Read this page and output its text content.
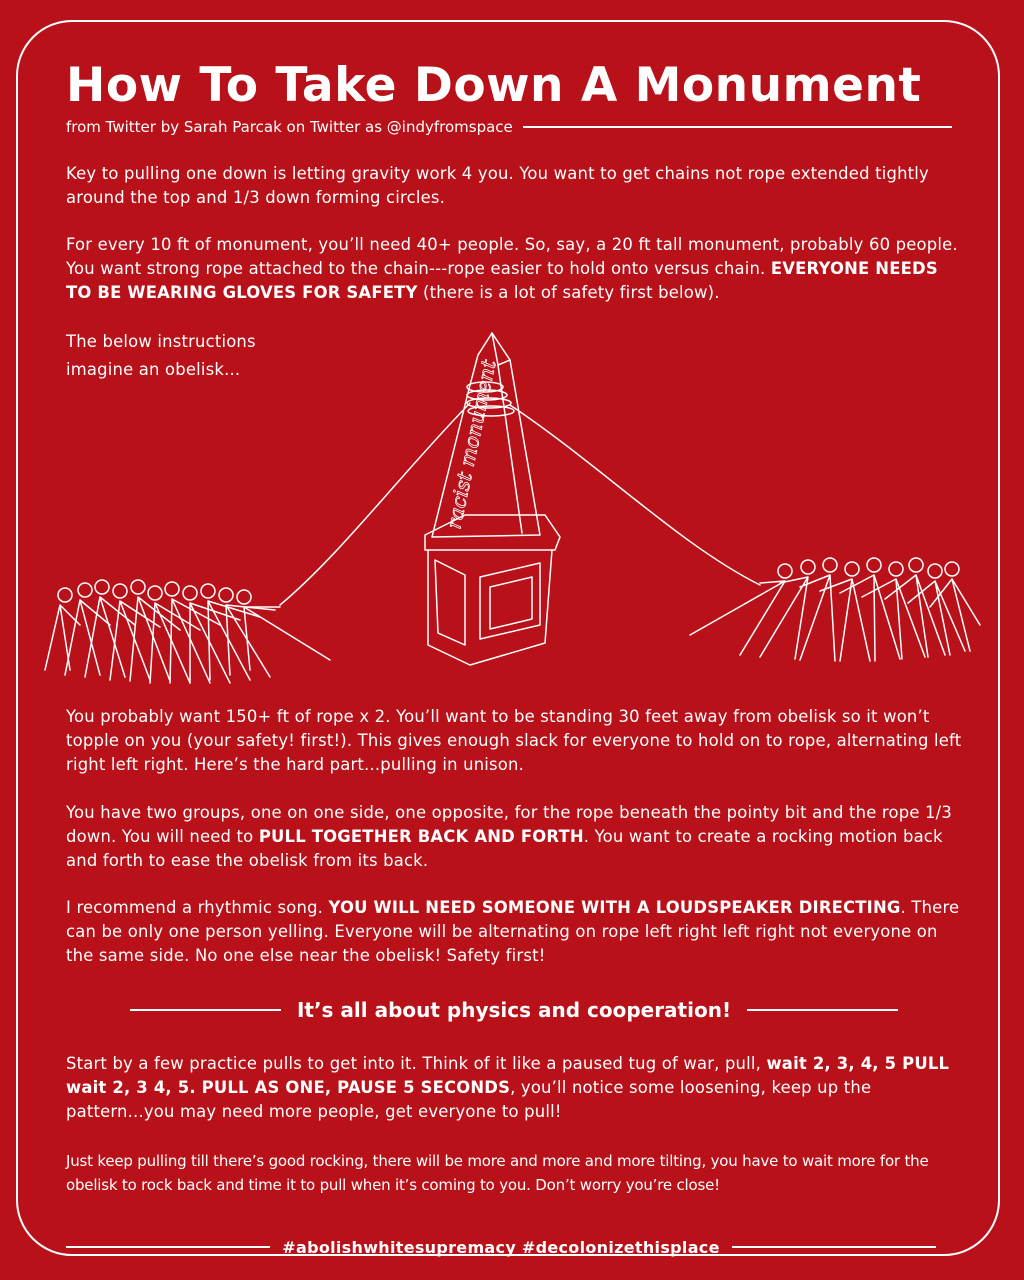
How To Take Down A Monument
from Twitter by Sarah Parcak on Twitter as @indyfromspace

Key to pulling one down is letting gravity work 4 you. You want to get chains not rope extended tightly around the top and 1/3 down forming circles.

For every 10 ft of monument, you’ll need 40+ people. So, say, a 20 ft tall monument, probably 60 people. You want strong rope attached to the chain---rope easier to hold onto versus chain. EVERYONE NEEDS TO BE WEARING GLOVES FOR SAFETY (there is a lot of safety first below).

The below instructions imagine an obelisk...	racist monument

You probably want 150+ ft of rope x 2. You’ll want to be standing 30 feet away from obelisk so it won’t topple on you (your safety! first!). This gives enough slack for everyone to hold on to rope, alternating left right left right. Here’s the hard part...pulling in unison.

You have two groups, one on one side, one opposite, for the rope beneath the pointy bit and the rope 1/3 down. You will need to PULL TOGETHER BACK AND FORTH. You want to create a rocking motion back and forth to ease the obelisk from its back.

I recommend a rhythmic song. YOU WILL NEED SOMEONE WITH A LOUDSPEAKER DIRECTING. There can be only one person yelling. Everyone will be alternating on rope left right left right not everyone on the same side. No one else near the obelisk! Safety first!

It’s all about physics and cooperation!

Start by a few practice pulls to get into it. Think of it like a paused tug of war, pull, wait 2, 3, 4, 5 PULL wait 2, 3 4, 5. PULL AS ONE, PAUSE 5 SECONDS, you’ll notice some loosening, keep up the pattern...you may need more people, get everyone to pull!

Just keep pulling till there’s good rocking, there will be more and more and more tilting, you have to wait more for the obelisk to rock back and time it to pull when it’s coming to you. Don’t worry you’re close!

#abolishwhitesupremacy #decolonizethisplace
